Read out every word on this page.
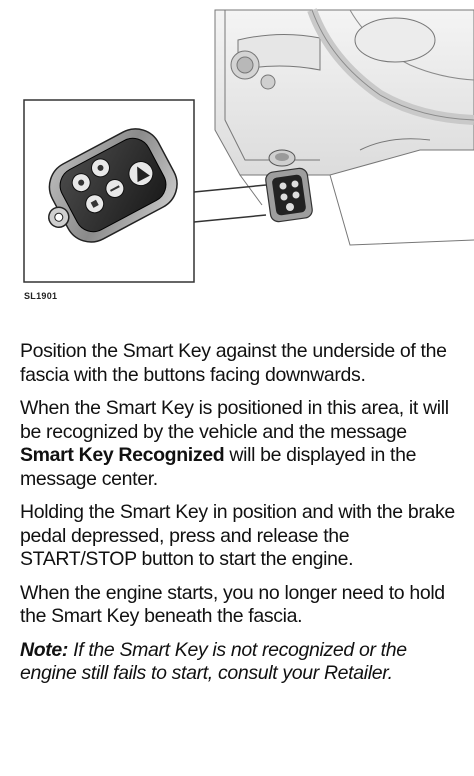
SL1901

Position the Smart Key against the underside of the fascia with the buttons facing downwards.

When the Smart Key is positioned in this area, it will be recognized by the vehicle and the message Smart Key Recognized will be displayed in the message center.

Holding the Smart Key in position and with the brake pedal depressed, press and release the START/STOP button to start the engine.

When the engine starts, you no longer need to hold the Smart Key beneath the fascia.

Note: If the Smart Key is not recognized or the engine still fails to start, consult your Retailer.
